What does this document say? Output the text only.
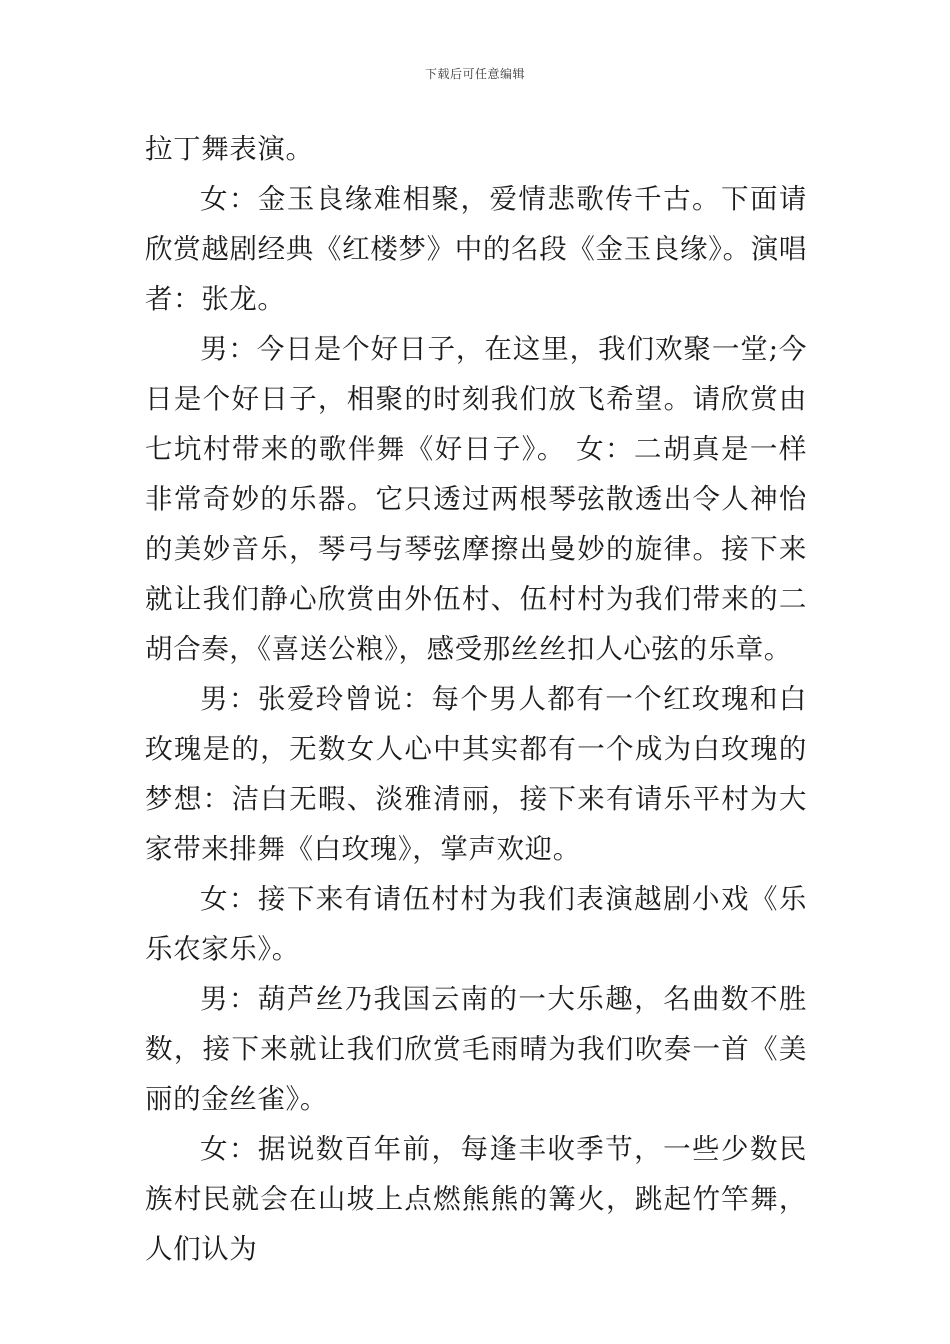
下载后可任意编辑

拉丁舞表演。

女：金玉良缘难相聚，爱情悲歌传千古。下面请欣赏越剧经典《红楼梦》中的名段《金玉良缘》。演唱者：张龙。

男：今日是个好日子，在这里，我们欢聚一堂;今日是个好日子，相聚的时刻我们放飞希望。请欣赏由七坑村带来的歌伴舞《好日子》。 女：二胡真是一样非常奇妙的乐器。它只透过两根琴弦散透出令人神怡的美妙音乐，琴弓与琴弦摩擦出曼妙的旋律。接下来就让我们静心欣赏由外伍村、伍村村为我们带来的二胡合奏，《喜送公粮》，感受那丝丝扣人心弦的乐章。

男：张爱玲曾说：每个男人都有一个红玫瑰和白玫瑰是的，无数女人心中其实都有一个成为白玫瑰的梦想：洁白无暇、淡雅清丽，接下来有请乐平村为大家带来排舞《白玫瑰》，掌声欢迎。

女：接下来有请伍村村为我们表演越剧小戏《乐乐农家乐》。

男：葫芦丝乃我国云南的一大乐趣，名曲数不胜数，接下来就让我们欣赏毛雨晴为我们吹奏一首《美丽的金丝雀》。

女：据说数百年前，每逢丰收季节，一些少数民族村民就会在山坡上点燃熊熊的篝火，跳起竹竿舞，人们认为
